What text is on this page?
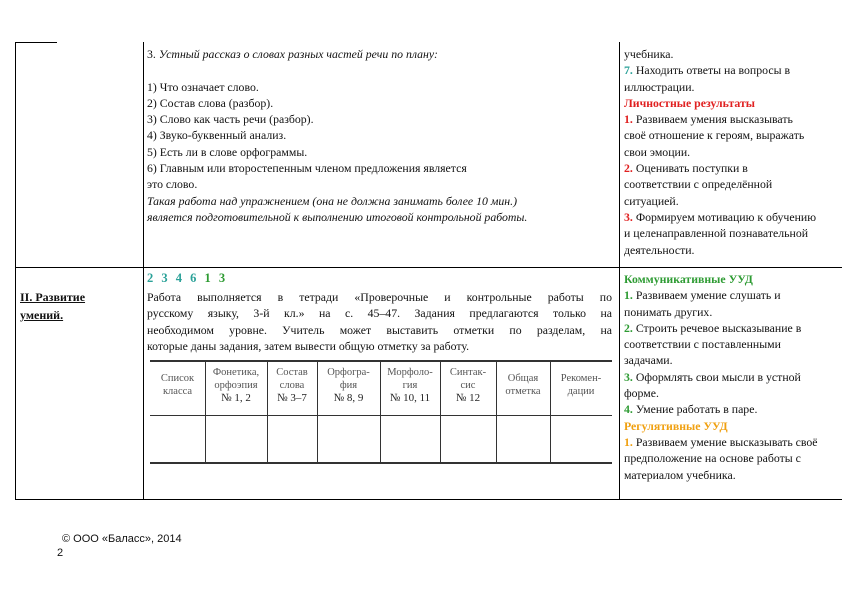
3. Устный рассказ о словах разных частей речи по плану:
1) Что означает слово.
2) Состав слова (разбор).
3) Слово как часть речи (разбор).
4) Звуко-буквенный анализ.
5) Есть ли в слове орфограммы.
6) Главным или второстепенным членом предложения является
это слово.
Такая работа над упражнением (она не должна занимать более 10 мин.)
является подготовительной к выполнению итоговой контрольной работы.
учебника.
7. Находить ответы на вопросы в
иллюстрации.
Личностные результаты
1. Развиваем умения высказывать
своё отношение к героям, выражать
свои эмоции.
2. Оценивать поступки в
соответствии с определённой
ситуацией.
3. Формируем мотивацию к обучению
и целенаправленной познавательной
деятельности.
II. Развитие умений.
2 3 4 6 1 3
Работа выполняется в тетради «Проверочные и контрольные работы по
русскому языку, 3-й кл.» на с. 45–47. Задания предлагаются только на
необходимом уровне. Учитель может выставить отметки по разделам, на
которые даны задания, затем вывести общую отметку за работу.
Список
класса
Фонетика,
орфоэпия
№ 1, 2
Состав
слова
№ 3–7
Орфогра-
фия
№ 8, 9
Морфоло-
гия
№ 10, 11
Синтак-
сис
№ 12
Общая
отметка
Рекомен-
дации
Коммуникативные УУД
1. Развиваем умение слушать и
понимать других.
2. Строить речевое высказывание в
соответствии с поставленными
задачами.
3. Оформлять свои мысли в устной
форме.
4. Умение работать в паре.
Регулятивные УУД
1. Развиваем умение высказывать своё
предположение на основе работы с
материалом учебника.
© ООО «Баласс», 2014
2
